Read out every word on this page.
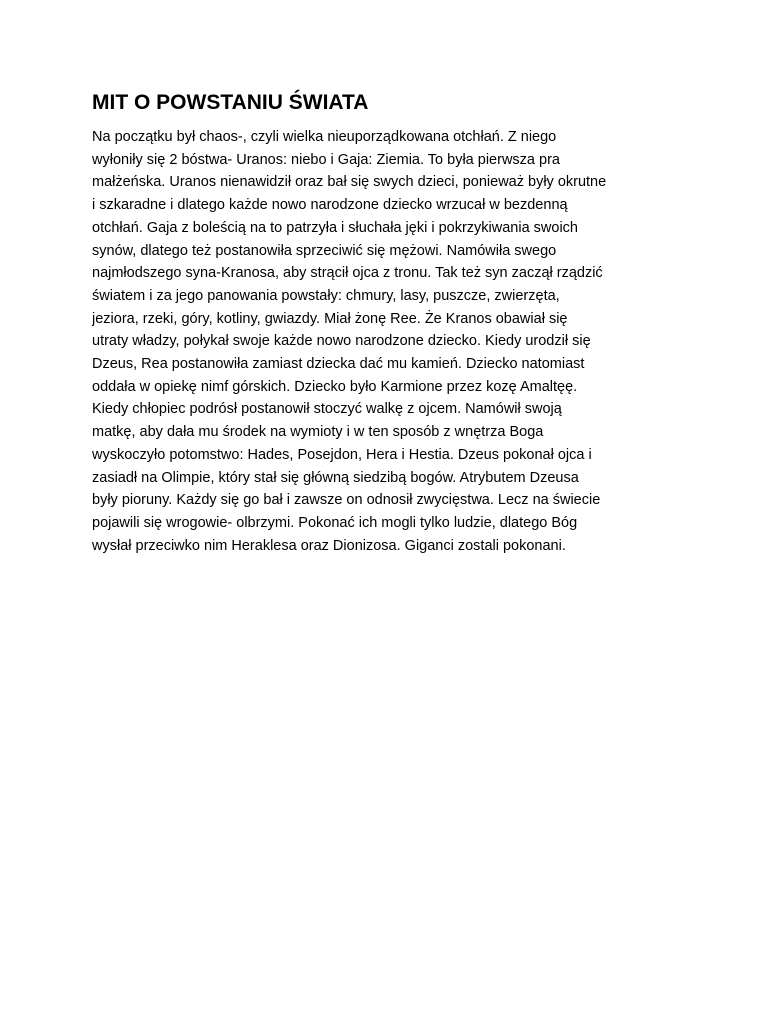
MIT O POWSTANIU ŚWIATA
Na początku był chaos-, czyli wielka nieuporządkowana otchłań. Z niego
wyłoniły się 2 bóstwa- Uranos: niebo i Gaja: Ziemia. To była pierwsza pra
małżeńska. Uranos nienawidził oraz bał się swych dzieci, ponieważ były okrutne
i szkaradne i dlatego każde nowo narodzone dziecko wrzucał w bezdenną
otchłań. Gaja z boleścią na to patrzyła i słuchała jęki i pokrzykiwania swoich
synów, dlatego też postanowiła sprzeciwić się mężowi. Namówiła swego
najmłodszego syna-Kranosa, aby strącił ojca z tronu. Tak też syn zaczął rządzić
światem i za jego panowania powstały: chmury, lasy, puszcze, zwierzęta,
jeziora, rzeki, góry, kotliny, gwiazdy. Miał żonę Ree. Że Kranos obawiał się
utraty władzy, połykał swoje każde nowo narodzone dziecko. Kiedy urodził się
Dzeus, Rea postanowiła zamiast dziecka dać mu kamień. Dziecko natomiast
oddała w opiekę nimf górskich. Dziecko było Karmione przez kozę Amaltęę.
Kiedy chłopiec podrósł postanowił stoczyć walkę z ojcem. Namówił swoją
matkę, aby dała mu środek na wymioty i w ten sposób z wnętrza Boga
wyskoczyło potomstwo: Hades, Posejdon, Hera i Hestia. Dzeus pokonał ojca i
zasiadł na Olimpie, który stał się główną siedzibą bogów. Atrybutem Dzeusa
były pioruny. Każdy się go bał i zawsze on odnosił zwycięstwa. Lecz na świecie
pojawili się wrogowie- olbrzymi. Pokonać ich mogli tylko ludzie, dlatego Bóg
wysłał przeciwko nim Heraklesa oraz Dionizosa. Giganci zostali pokonani.
